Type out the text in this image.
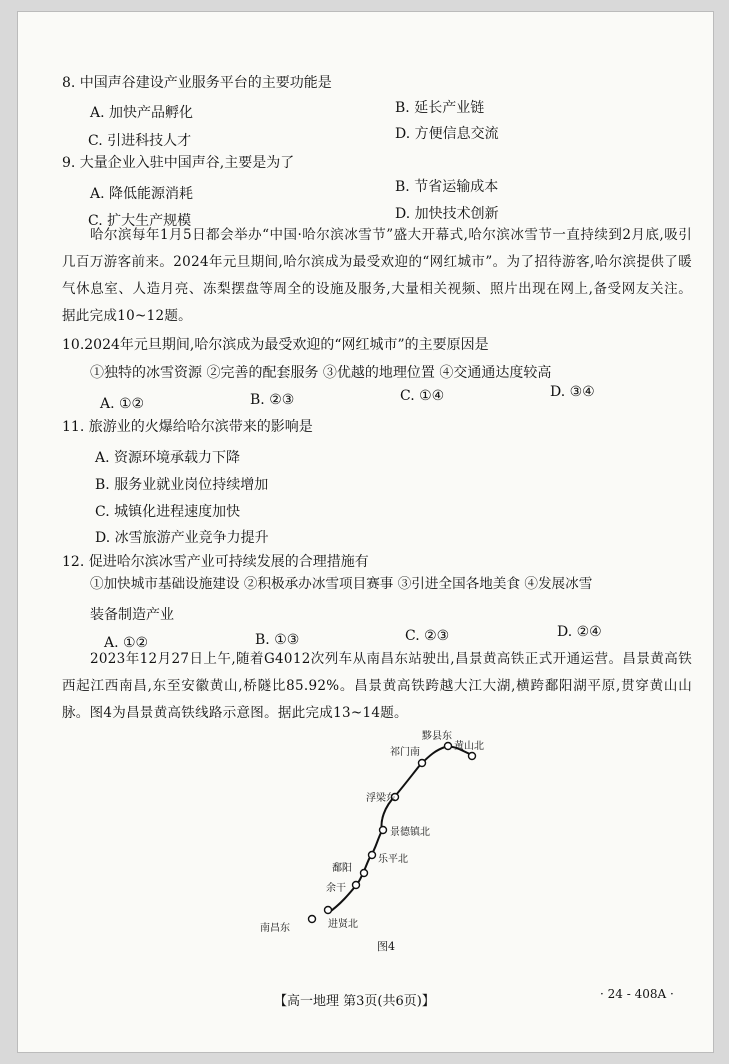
8. 中国声谷建设产业服务平台的主要功能是
A. 加快产品孵化	B. 延长产业链
C. 引进科技人才	D. 方便信息交流
9. 大量企业入驻中国声谷,主要是为了
A. 降低能源消耗	B. 节省运输成本
C. 扩大生产规模	D. 加快技术创新
哈尔滨每年1月5日都会举办“中国·哈尔滨冰雪节”盛大开幕式,哈尔滨冰雪节一直持续到2月底,吸引几百万游客前来。2024年元旦期间,哈尔滨成为最受欢迎的“网红城市”。为了招待游客,哈尔滨提供了暖气休息室、人造月亮、冻梨摆盘等周全的设施及服务,大量相关视频、照片出现在网上,备受网友关注。据此完成10~12题。
10.2024年元旦期间,哈尔滨成为最受欢迎的“网红城市”的主要原因是
①独特的冰雪资源 ②完善的配套服务 ③优越的地理位置 ④交通通达度较高
A. ①②	B. ②③	C. ①④	D. ③④
11. 旅游业的火爆给哈尔滨带来的影响是
A. 资源环境承载力下降
B. 服务业就业岗位持续增加
C. 城镇化进程速度加快
D. 冰雪旅游产业竞争力提升
12. 促进哈尔滨冰雪产业可持续发展的合理措施有
①加快城市基础设施建设 ②积极承办冰雪项目赛事 ③引进全国各地美食 ④发展冰雪
装备制造产业
A. ①②	B. ①③	C. ②③	D. ②④
2023年12月27日上午,随着G4012次列车从南昌东站驶出,昌景黄高铁正式开通运营。昌景黄高铁西起江西南昌,东至安徽黄山,桥隧比85.92%。昌景黄高铁跨越大江大湖,横跨鄱阳湖平原,贯穿黄山山脉。图4为昌景黄高铁线路示意图。据此完成13~14题。
南昌东	进贤北
余干
鄱阳
乐平北
景德镇北
浮梁东
祁门南
黟县东
黄山北
图4
【高一地理 第3页(共6页)】	· 24 - 408A ·
